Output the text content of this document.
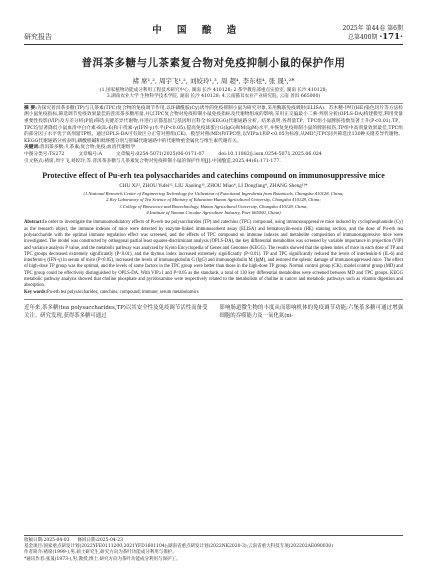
研究报告
中 国 酿 造	2025年 第44卷 第6期
总第400期 ·171·
普洱茶多糖与儿茶素复合物对免疫抑制小鼠的保护作用
褚 席¹,², 周宇飞¹,², 刘姣玲¹,³, 周 超⁴, 李东柱⁴, 张 晟¹,²*
(1.国家植物功能成分利用工程技术研究中心, 湖南 长沙 410128; 2.茶学教育部重点实验室, 湖南 长沙 410128;
3.湖南农业大学 生物科学技术学院, 湖南 长沙 410128; 4.云南猫耳农业产业研究院, 云南 普洱 665000)
摘 要:为探究普洱茶多糖(TP)与儿茶素(TPC)复合物的免疫调节作用,以环磷酰胺(Cy)诱导的免疫抑制小鼠为研究对象,采用酶联免疫吸附(ELISA)、苏木精-伊红(HE)染色切片等方法检测小鼠免疫指标,筛选调节免疫效果最佳的普洱茶多糖用量,并以TPC复合物对免疫抑制小鼠免疫指标及代谢物组成的影响;采用正交偏最小二乘-判别分析(OPLS-DA)构建模型,利用变量重要性投影(VIP)及方差分析(P值)筛选关键差异代谢物,并进行京都基因与基因组百科全书(KEGG)代谢通路分析。结果表明,各剂量TP、TPC组小鼠脾脏指数显著上升(P<0.01),TP、TPC均显著降低小鼠血清中白介素-6(IL-6)和干扰素-γ(IFN-γ)水平(P<0.05),提高免疫球蛋白G(IgG)和M(IgM)水平,并恢复免疫抑制小鼠的脾脏损伤,TP组中高剂量效果最佳,TPC组的部分因子水平优于高剂量TP组。通过OPLS-DA可有效区分正常对照组(CK)、模型对照(MD)和TPC组,以VIP≥1和P<0.05为标准,从MD与TPC间共筛选出130种关键差异代谢物。KEGG代谢通路分析表明,磷酸胆碱和吡哆醛分别与胆碱代谢通路中的代谢物重金属化与维生素代谢有关。
关键词:普洱茶多糖;儿茶素;复合物;免疫;血清代谢组学
中图分类号:TS272	文章编号:A	文章编号:0254-5071(2025)06-0171-07	doi:10.11882/j.issn.0254-5071.2025.06.024
引文格式:褚席,周宇飞,刘姣玲,等.普洱茶多糖与儿茶素复合物对免疫抑制小鼠的保护作用[J].中国酿造,2025,44(6):171-177.
Protective effect of Pu-erh tea polysaccharides and catechins compound on immunosuppressive mice
CHU Xi¹², ZHOU Yufei¹², LIU Jiaoling¹³, ZHOU Miao⁴, LI Dongfang⁴, ZHANG Sheng¹²*
(1.National Research Center of Engineering Technology for Utilization of Functional Ingredients from Botanicals, Changsha 410128, China;
2.Key Laboratory of Tea Science of Ministry of Education Hunan Agricultural University, Changsha 410128, China;
3.College of Bioscience and Biotechnology, Hunan Agricultural University, Changsha 410128, China;
4.Institute of Yunnan Circular Agriculture Industry, Puer 665000, China)
Abstract:In order to investigate the immunomodulatory effects of Pu-erh tea polysaccharides (TP) and catechins (TPC) compound, using immunosuppressive mice induced by cyclophosphamide (Cy) as the research object, the immune indexes of mice were detected by enzyme-linked immunosorbent assay (ELISA) and hematoxylin-eosin (HE) staining section, and the dose of Pu-erh tea polysaccharide with the optimal immune regulation effect was screened, and the effects of TPC compound on immune indexes and metabolite composition of immunosuppressive mice were investigated. The model was constructed by orthogonal partial least squares-discriminant analysis (OPLS-DA), the key differential metabolites was screened by variable importance in projection (VIP) and variance analysis P value, and the metabolic pathway was analyzed by Kyoto Encyclopedia of Genes and Genomes (KEGG). The results showed that the spleen index of mice in each dose of TP and TPC groups decreased extremely significantly (P<0.01), and the thymus index increased extremely significantly (P<0.01). TP and TPC significantly reduced the levels of interleukin-6 (IL-6) and interferon-γ (IFN-γ) in serum of mice (P<0.05), increased the levels of immunoglobulin G (IgG) and immunoglobulin M (IgM), and restored the splenic damage of immunosuppressed mice. The effect of high-dose TP group was the optimal, and the levels of some factors in the TPC group were better than those in the high-dose TP group. Normal control group (CK), model control group (MD) and TPC group could be effectively distinguished by OPLS-DA. With VIP≥1 and P<0.05 as the standards, a total of 130 key differential metabolites were screened between MD and TPC groups. KEGG metabolic pathway analysis showed that choline phosphate and pyridoxamine were respectively related to the metabolism of choline in cancer and metabolic pathways such as vitamin digestion and absorption.
Key words:Pu-erh tea polysaccharides; catechins; compound; immune; serum metabolomics
近年来,茶多糖(tea polysaccharides,TP)以其安全性及免疫调节活性而备受关注。研究发现,获得茶多糖可通过
影响肠道微生物的丰度从而影响机体的免疫调节功能;六堡茶多糖可通过增强细胞的吞噬能力及一氧化氮(ni-
收稿日期:2025-04-03 修回日期:2025-04-23
基金项目:国家重点研发计划(2022YFE0111200,2021YFD1601104);湖南省重点研发计划(2022NK2020-3);云南省重大科技专项(202202AE090030)
作者简介:褚席(1999-),男,硕士研究生,研究方向为茶叶功能成分利用与保护。
*通讯作者:张晟(1973-),男,教授,博士,研究方向为茶叶功能成分利用与保护工。
